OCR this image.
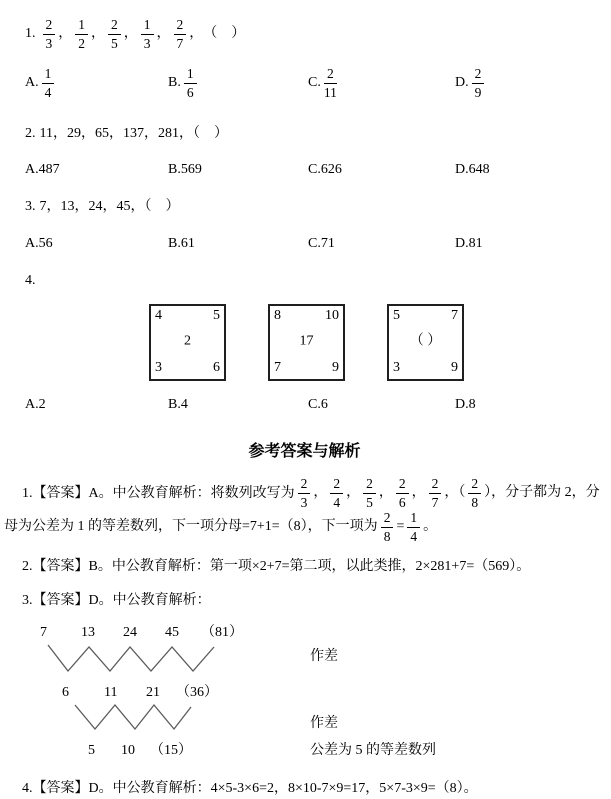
1. $\frac{2}{3}$ ， $\frac{1}{2}$ ， $\frac{2}{5}$ ， $\frac{1}{3}$ ， $\frac{2}{7}$ ， （　）
A. $\frac{1}{4}$	B. $\frac{1}{6}$	C. $\frac{2}{11}$	D. $\frac{2}{9}$
2. 11，29，65，137，281，（　）
A.487	B.569	C.626	D.648
3. 7，13，24，45，（　）
A.56	B.61	C.71	D.81
4.
4	5
3	6
2
8	10
7	9
17
5	7
3	9
（ ）
A.2	B.4	C.6	D.8
参考答案与解析

1.【答案】A。中公教育解析：将数列改写为 $\frac{2}{3}$ ， $\frac{2}{4}$ ， $\frac{2}{5}$ ， $\frac{2}{6}$ ， $\frac{2}{7}$ ，（ $\frac{2}{8}$ ），分子都为 2，分母为公差为 1 的等差数列，下一项分母=7+1=（8），下一项为 $\frac{2}{8} = \frac{1}{4}$ 。

2.【答案】B。中公教育解析：第一项×2+7=第二项，以此类推，2×281+7=（569）。

3.【答案】D。中公教育解析：

7 13 24 45 （81）
6	11 21 （36）
5 10 （15）
作差
作差
公差为 5 的等差数列

4.【答案】D。中公教育解析：4×5-3×6=2，8×10-7×9=17，5×7-3×9=（8）。
